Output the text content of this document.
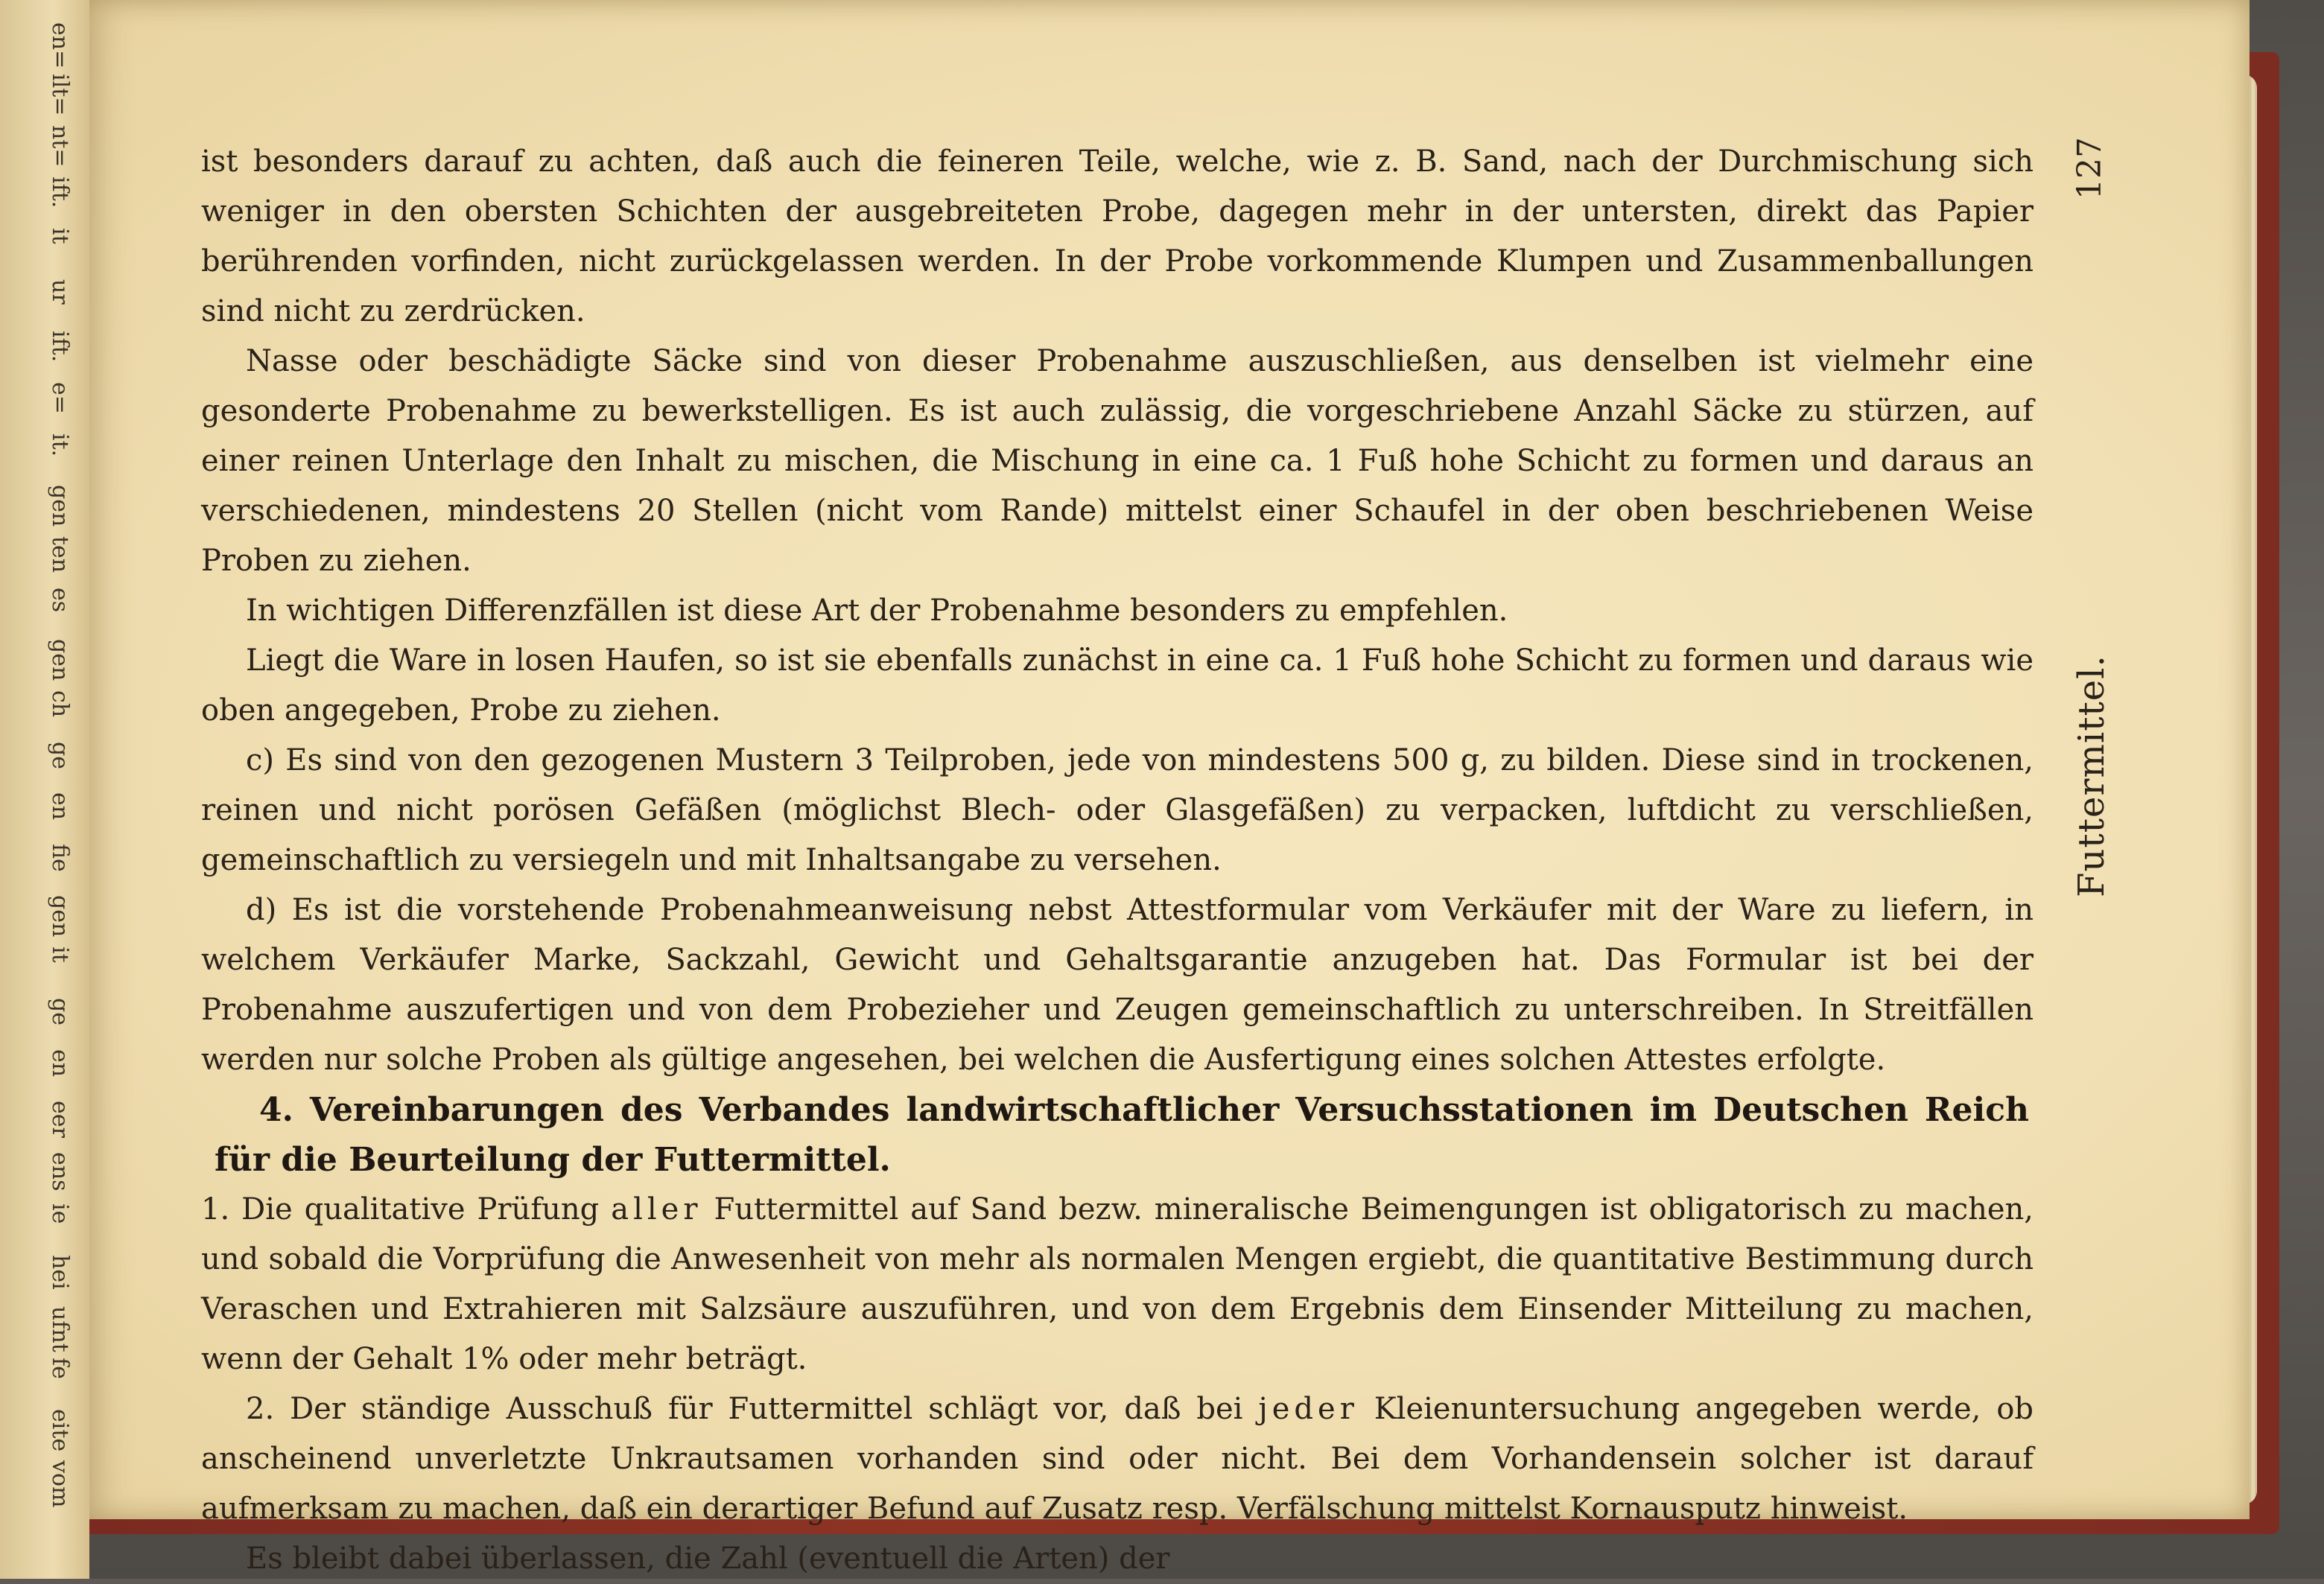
en=
ilt=
nt=
ift.
it
ur
ift.
e=
it.
gen
ten
es
gen
ch
ge
en
fie
gen
it
ge
en
eer
ens
ie
hei
ufnt
fe
eite
vom
Futtermittel.
127

ist besonders darauf zu achten, daß auch die feineren Teile, welche, wie z. B. Sand, nach der Durchmischung sich weniger in den obersten Schichten der ausgebreiteten Probe, dagegen mehr in der untersten, direkt das Papier berührenden vorfinden, nicht zurückgelassen werden. In der Probe vorkommende Klumpen und Zusammenballungen sind nicht zu zerdrücken.

Nasse oder beschädigte Säcke sind von dieser Probenahme auszuschließen, aus denselben ist vielmehr eine gesonderte Probenahme zu bewerkstelligen. Es ist auch zulässig, die vorgeschriebene Anzahl Säcke zu stürzen, auf einer reinen Unterlage den Inhalt zu mischen, die Mischung in eine ca. 1 Fuß hohe Schicht zu formen und daraus an verschiedenen, mindestens 20 Stellen (nicht vom Rande) mittelst einer Schaufel in der oben beschriebenen Weise Proben zu ziehen.

In wichtigen Differenzfällen ist diese Art der Probenahme besonders zu empfehlen.

Liegt die Ware in losen Haufen, so ist sie ebenfalls zunächst in eine ca. 1 Fuß hohe Schicht zu formen und daraus wie oben angegeben, Probe zu ziehen.

c) Es sind von den gezogenen Mustern 3 Teilproben, jede von mindestens 500 g, zu bilden. Diese sind in trockenen, reinen und nicht porösen Gefäßen (möglichst Blech- oder Glasgefäßen) zu verpacken, luftdicht zu verschließen, gemeinschaftlich zu versiegeln und mit Inhaltsangabe zu versehen.

d) Es ist die vorstehende Probenahmeanweisung nebst Attestformular vom Verkäufer mit der Ware zu liefern, in welchem Verkäufer Marke, Sackzahl, Gewicht und Gehaltsgarantie anzugeben hat. Das Formular ist bei der Probenahme auszufertigen und von dem Probezieher und Zeugen gemeinschaftlich zu unterschreiben. In Streitfällen werden nur solche Proben als gültige angesehen, bei welchen die Ausfertigung eines solchen Attestes erfolgte.

4. Vereinbarungen des Verbandes landwirtschaftlicher Versuchsstationen im Deutschen Reich für die Beurteilung der Futtermittel.

1. Die qualitative Prüfung aller Futtermittel auf Sand bezw. mineralische Beimengungen ist obligatorisch zu machen, und sobald die Vorprüfung die Anwesenheit von mehr als normalen Mengen ergiebt, die quantitative Bestimmung durch Veraschen und Extrahieren mit Salzsäure auszuführen, und von dem Ergebnis dem Einsender Mitteilung zu machen, wenn der Gehalt 1% oder mehr beträgt.

2. Der ständige Ausschuß für Futtermittel schlägt vor, daß bei jeder Kleienuntersuchung angegeben werde, ob anscheinend unverletzte Unkrautsamen vorhanden sind oder nicht. Bei dem Vorhandensein solcher ist darauf aufmerksam zu machen, daß ein derartiger Befund auf Zusatz resp. Verfälschung mittelst Kornausputz hinweist.

Es bleibt dabei überlassen, die Zahl (eventuell die Arten) der
